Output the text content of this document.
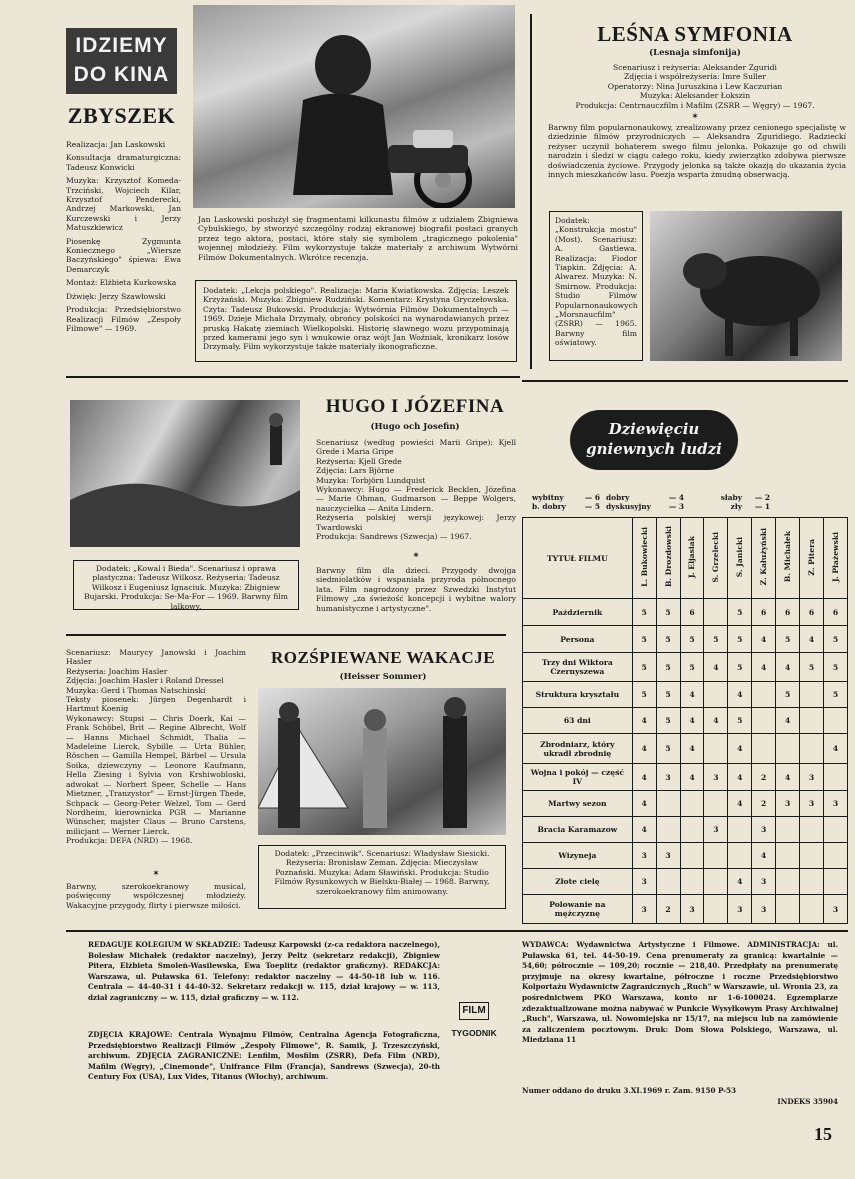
IDZIEMY
DO KINA
ZBYSZEK

Realizacja: Jan Laskowski

Konsultacja dramaturgiczna: Tadeusz Konwicki

Muzyka: Krzysztof Komeda-Trzciński, Wojciech Kilar, Krzysztof Penderecki, Andrzej Markowski, Jan Kurczewski i Jerzy Matuszkiewicz

Piosenkę Zygmunta Koniecznego „Wiersze Baczyńskiego" śpiewa: Ewa Demarczyk

Montaż: Elżbieta Kurkowska

Dźwięk: Jerzy Szawłowski

Produkcja: Przedsiębiorstwo Realizacji Filmów „Zespoły Filmowe" — 1969.

Jan Laskowski posłużył się fragmentami kilkunastu filmów z udziałem Zbigniewa Cybulskiego, by stworzyć szczególny rodzaj ekranowej biografii postaci granych przez tego aktora, postaci, które stały się symbolem „tragicznego pokolenia" wojennej młodzieży. Film wykorzystuje także materiały z archiwum Wytwórni Filmów Dokumentalnych. Wkrótce recenzja.
Dodatek: „Lekcja polskiego". Realizacja: Maria Kwiatkowska. Zdjęcia: Leszek Krzyżański. Muzyka: Zbigniew Rudziński. Komentarz: Krystyna Gryczełowska. Czyta: Tadeusz Bukowski. Produkcja: Wytwórnia Filmów Dokumentalnych — 1969. Dzieje Michała Drzymały, obrońcy polskości na wynarodawianych przez pruską Hakatę ziemiach Wielkopolski. Historię sławnego wozu przypominają przed kamerami jego syn i wnukowie oraz wójt Jan Woźniak, kronikarz losów Drzymały. Film wykorzystuje także materiały ikonograficzne.
LEŚNA SYMFONIA
(Lesnaja simfonija)
Scenariusz i reżyseria: Aleksander Zguridi
Zdjęcia i współreżyseria: Imre Suller
Operatorzy: Nina Juruszkina i Lew Kaczurian
Muzyka: Aleksander Łokszin
Produkcja: Centrnauczfilm i Mafilm (ZSRR — Węgry) — 1967.
✶
Barwny film popularnonaukowy, zrealizowany przez cenionego specjalistę w dziedzinie filmów przyrodniczych — Aleksandra Zguridiego. Radzieckí reżyser uczynił bohaterem swego filmu jelonka. Pokazuje go od chwili narodzin i śledzi w ciągu całego roku, kiedy zwierzątko zdobywa pierwsze doświadczenia życiowe. Przygody jelonka są także okazją do ukazania życia innych mieszkańców lasu. Poezja wsparta żmudną obserwacją.
Dodatek: „Konstrukcja mostu" (Most). Scenariusz: A. Gastiewa. Realizacja: Fiodor Tiapkin. Zdjęcia: A. Alwarez. Muzyka: N. Smirnow. Produkcja: Studio Filmów Popularnonaukowych „Morsnaucfilm" (ZSRR) — 1965. Barwny film oświatowy.
HUGO I JÓZEFINA
(Hugo och Josefin)
Scenariusz (według powieści Marii Gripe): Kjell Grede i Maria Gripe
Reżyseria: Kjell Grede
Zdjęcia: Lars Björne
Muzyka: Torbjörn Lundquist
Wykonawcy: Hugo — Frederick Becklen, Józefina — Marie Ohman, Gudmarson — Beppe Wolgers, nauczycielka — Anita Lindern.
Reżyseria polskiej wersji językowej: Jerzy Twardowski
Produkcja: Sandrews (Szwecja) — 1967.
✶
Barwny film dla dzieci. Przygody dwojga siedmiolatków i wspaniała przyroda północnego lata. Film nagrodzony przez Szwedzki Instytut Filmowy „za świeżość koncepcji i wybitne walory humanistyczne i artystyczne".
Dodatek: „Kowal i Bieda". Scenariusz i oprawa plastyczna: Tadeusz Wilkosz. Reżyseria: Tadeusz Wilkosz i Eugeniusz Ignaciuk. Muzyka: Zbigniew Bujarski. Produkcja: Se-Ma-For — 1969. Barwny film lalkowy.
Scenariusz: Maurycy Janowski i Joachim Hasler
Reżyseria: Joachim Hasler
Zdjęcia: Joachim Hasler i Roland Dressel
Muzyka: Gerd i Thomas Natschinski
Teksty piosenek: Jürgen Degenhardt i Hartmut Koenig
Wykonawcy: Stupsi — Chris Doerk, Kai — Frank Schöbel, Brit — Regine Albrecht, Wolf — Hanns Michael Schmidt, Thalia — Madeleine Lierck, Sybille — Urta Bühler, Röschen — Gamilla Hempel, Bärbel — Ursula Soika, dziewczyny — Leonore Kaufmann, Hella Ziesing i Sylvia von Krshiwobloski, adwokat — Norbert Speer, Schelle — Hans Mietzner, „Tranzystor" — Ernst-Jürgen Thede, Schpack — Georg-Peter Welzel, Tom — Gerd Nordheim, kierownicka PGR — Marianne Wünscher, majster Claus — Bruno Carstens, milicjant — Werner Lierck.
Produkcja: DEFA (NRD) — 1968.
✶
Barwny, szerokoekranowy musical, poświęcony współczesnej młodzieży. Wakacyjne przygody, flirty i pierwsze miłości.
ROZŚPIEWANE WAKACJE
(Heisser Sommer)
Dodatek: „Przecinwik". Scenariusz: Władysław Siesicki. Reżyseria: Bronisław Zeman. Zdjęcia: Mieczysław Poznański. Muzyka: Adam Sławiński. Produkcja: Studio Filmów Rysunkowych w Bielsku-Białej — 1968. Barwny, szerokoekranowy film animowany.
Dziewięciu
gniewnych ludzi
wybitny	— 6 dobry	— 4	słaby	— 2
b. dobry	— 5 dyskusyjny	— 3	zły	— 1
TYTUŁ FILMU	L. Bukowiecki	B. Drozdowski	J. Eljasiak	S. Grzelecki	S. Janicki	Z. Kałużyński	B. Michałek	Z. Pitera	J. Płażewski
Październik	5	5	6		5	6	6	6	6
Persona	5	5	5	5	5	4	5	4	5
Trzy dni Wiktora Czernyszewa	5	5	5	4	5	4	4	5	5
Struktura kryształu	5	5	4		4		5		5
63 dni	4	5	4	4	5		4		
Zbrodniarz, który ukradł zbrodnię	4	5	4		4				4
Wojna i pokój — część IV	4	3	4	3	4	2	4	3	
Martwy sezon	4				4	2	3	3	3
Bracia Karamazow	4			3		3			
Wizyneja	3	3				4			
Złote cielę	3				4	3			
Polowanie na mężczyznę	3	2	3		3	3			3
REDAGUJE KOLEGIUM W SKŁADZIE: Tadeusz Karpowski (z-ca redaktora naczelnego), Bolesław Michałek (redaktor naczelny), Jerzy Peltz (sekretarz redakcji), Zbigniew Pitera, Elżbieta Smoleń-Wasilewska, Ewa Toeplitz (redaktor graficzny). REDAKCJA: Warszawa, ul. Puławska 61. Telefony: redaktor naczelny — 44-50-18 lub w. 116. Centrala — 44-40-31 i 44-40-32. Sekretarz redakcji w. 115, dział krajowy — w. 113, dział zagraniczny — w. 115, dział graficzny — w. 112.
ZDJĘCIA KRAJOWE: Centrala Wynajmu Filmów, Centralna Agencja Fotograficzna, Przedsiębiorstwo Realizacji Filmów „Zespoły Filmowe", R. Samik, J. Trzeszczyński, archiwum. ZDJĘCIA ZAGRANICZNE: Lenfilm, Mosfilm (ZSRR), Defa Film (NRD), Mafilm (Węgry), „Cinemonde", Unifrance Film (Francja), Sandrews (Szwecja), 20-th Century Fox (USA), Lux Vides, Titanus (Włochy), archiwum.
FILM
TYGODNIK
WYDAWCA: Wydawnictwa Artystyczne i Filmowe. ADMINISTRACJA: ul. Puławska 61, tel. 44-50-19. Cena prenumeraty za granicą: kwartalnie — 54,60; półrocznie — 109,20; rocznie — 218,40. Przedpłaty na prenumeratę przyjmuje na okresy kwartalne, półroczne i roczne Przedsiębiorstwo Kolportażu Wydawnictw Zagranicznych „Ruch" w Warszawie, ul. Wronia 23, za pośrednictwem PKO Warszawa, konto nr 1-6-100024. Egzemplarze zdezaktualizowane można nabywać w Punkcie Wysyłkowym Prasy Archiwalnej „Ruch", Warszawa, ul. Nowomiejska nr 15/17, na miejscu lub na zamówienie za zaliczeniem pocztowym. Druk: Dom Słowa Polskiego, Warszawa, ul. Miedziana 11
Numer oddano do druku 3.XI.1969 r. Zam. 9150 P-53
INDEKS 35904
15
